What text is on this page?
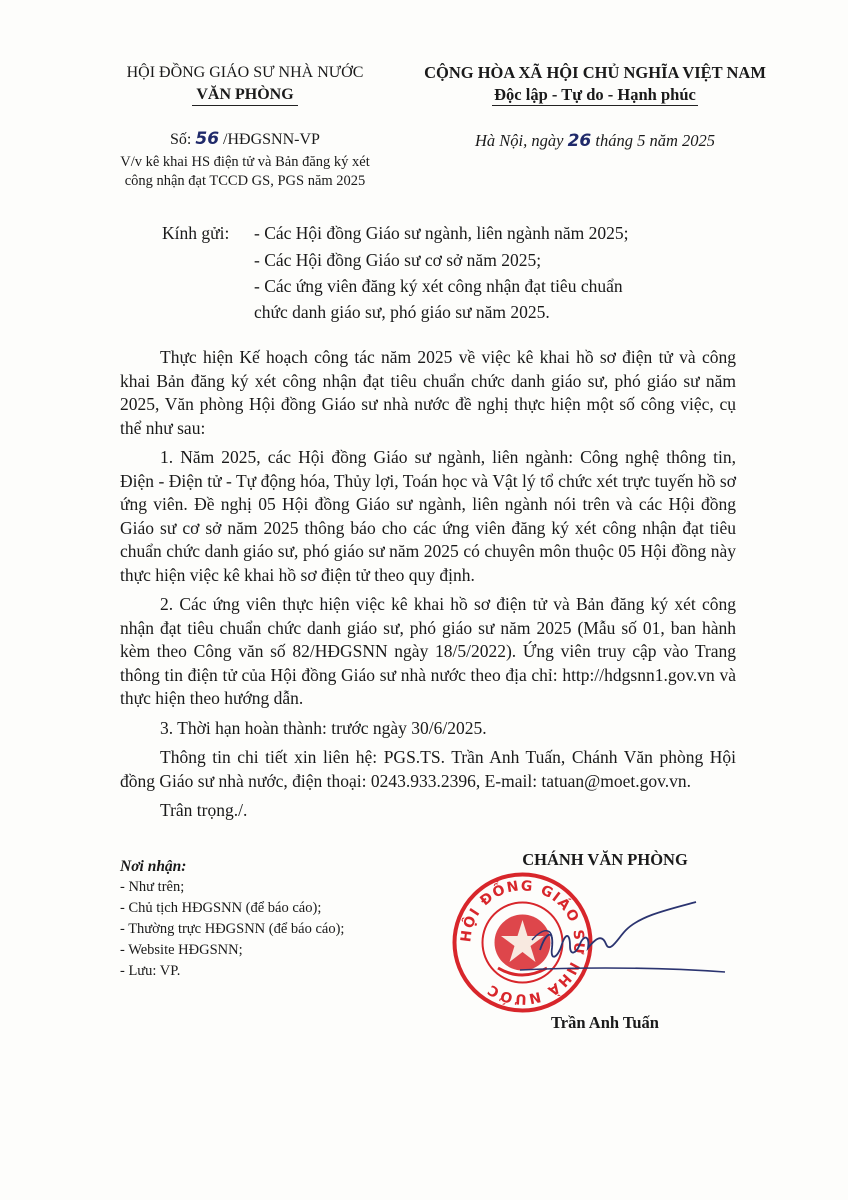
HỘI ĐỒNG GIÁO SƯ NHÀ NƯỚC
VĂN PHÒNG
CỘNG HÒA XÃ HỘI CHỦ NGHĨA VIỆT NAM
Độc lập - Tự do - Hạnh phúc
Số: 56 /HĐGSNN-VP
V/v kê khai HS điện tử và Bản đăng ký xét
công nhận đạt TCCD GS, PGS năm 2025
Hà Nội, ngày 26 tháng 5 năm 2025
Kính gửi: - Các Hội đồng Giáo sư ngành, liên ngành năm 2025;
- Các Hội đồng Giáo sư cơ sở năm 2025;
- Các ứng viên đăng ký xét công nhận đạt tiêu chuẩn
chức danh giáo sư, phó giáo sư năm 2025.

Thực hiện Kế hoạch công tác năm 2025 về việc kê khai hồ sơ điện tử và công khai Bản đăng ký xét công nhận đạt tiêu chuẩn chức danh giáo sư, phó giáo sư năm 2025, Văn phòng Hội đồng Giáo sư nhà nước đề nghị thực hiện một số công việc, cụ thể như sau:

1. Năm 2025, các Hội đồng Giáo sư ngành, liên ngành: Công nghệ thông tin, Điện - Điện tử - Tự động hóa, Thủy lợi, Toán học và Vật lý tổ chức xét trực tuyến hồ sơ ứng viên. Đề nghị 05 Hội đồng Giáo sư ngành, liên ngành nói trên và các Hội đồng Giáo sư cơ sở năm 2025 thông báo cho các ứng viên đăng ký xét công nhận đạt tiêu chuẩn chức danh giáo sư, phó giáo sư năm 2025 có chuyên môn thuộc 05 Hội đồng này thực hiện việc kê khai hồ sơ điện tử theo quy định.

2. Các ứng viên thực hiện việc kê khai hồ sơ điện tử và Bản đăng ký xét công nhận đạt tiêu chuẩn chức danh giáo sư, phó giáo sư năm 2025 (Mẫu số 01, ban hành kèm theo Công văn số 82/HĐGSNN ngày 18/5/2022). Ứng viên truy cập vào Trang thông tin điện tử của Hội đồng Giáo sư nhà nước theo địa chỉ: http://hdgsnn1.gov.vn và thực hiện theo hướng dẫn.

3. Thời hạn hoàn thành: trước ngày 30/6/2025.

Thông tin chi tiết xin liên hệ: PGS.TS. Trần Anh Tuấn, Chánh Văn phòng Hội đồng Giáo sư nhà nước, điện thoại: 0243.933.2396, E-mail: tatuan@moet.gov.vn.

Trân trọng./.

Nơi nhận:
- Như trên;
- Chủ tịch HĐGSNN (để báo cáo);
- Thường trực HĐGSNN (để báo cáo);
- Website HĐGSNN;
- Lưu: VP.
CHÁNH VĂN PHÒNG
HỘI ĐỒNG GIÁO SƯ NHÀ NƯỚC
Trần Anh Tuấn
